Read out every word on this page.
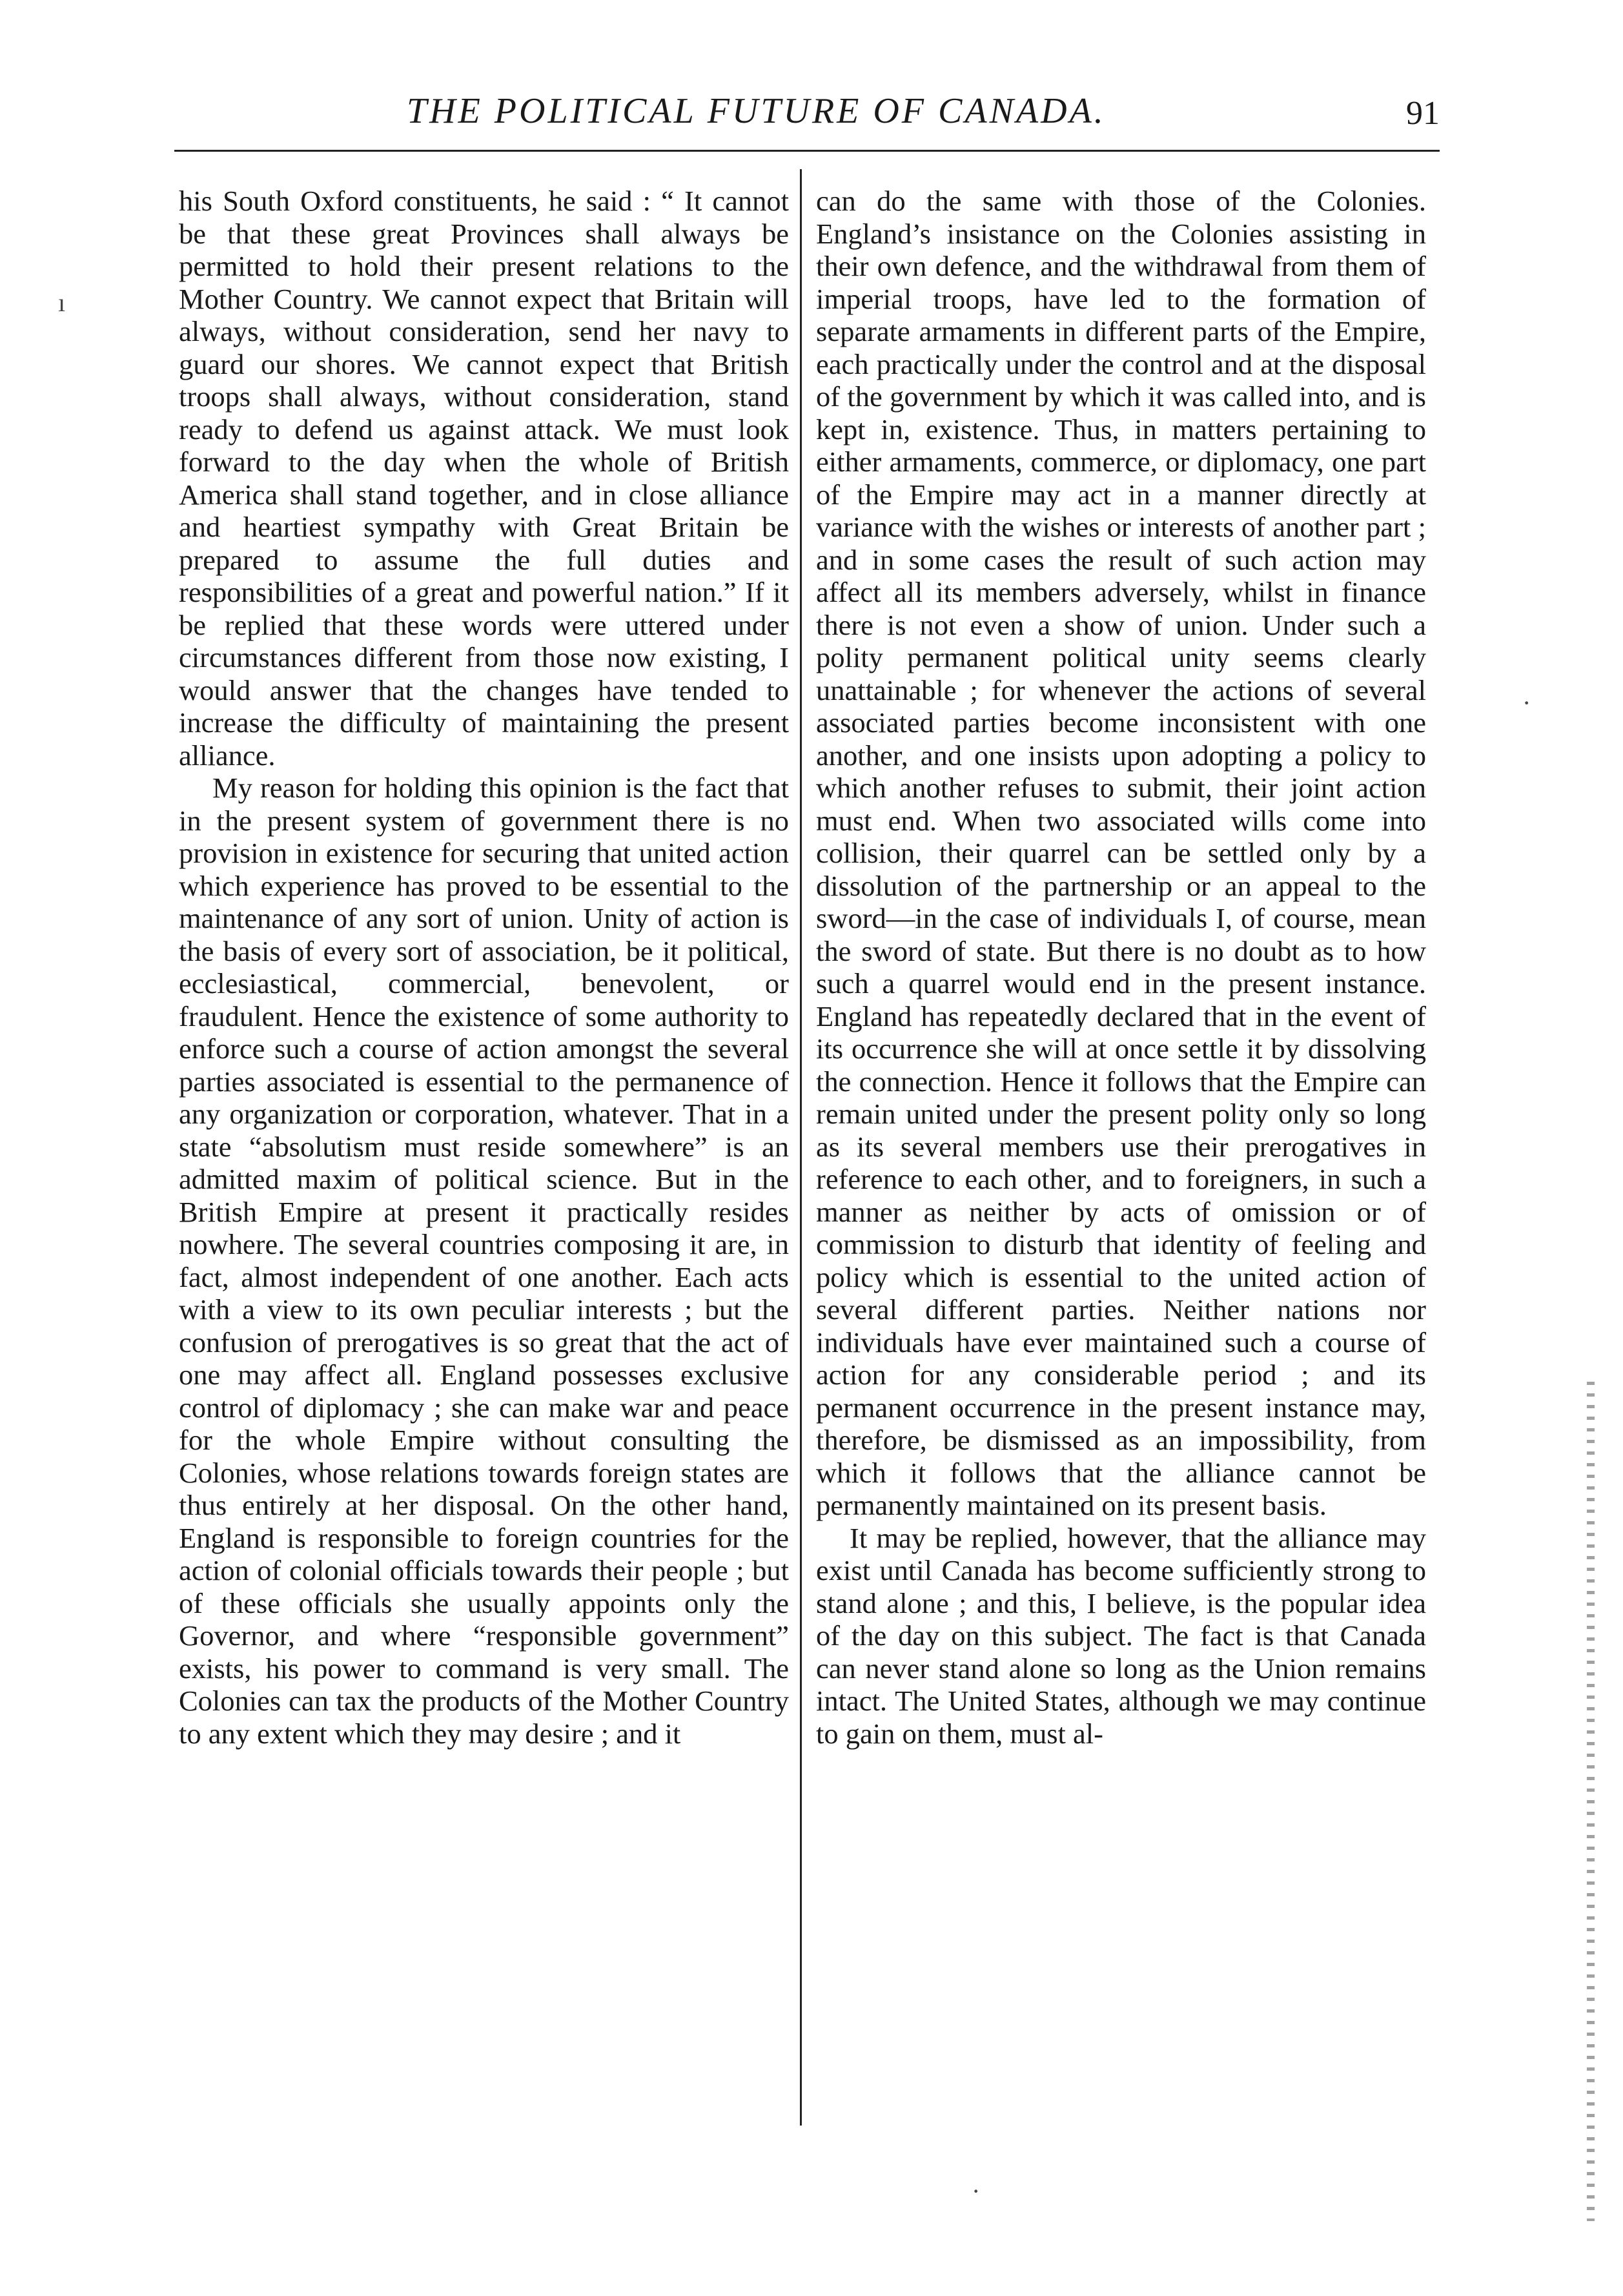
THE POLITICAL FUTURE OF CANADA.	91

his South Oxford constituents, he said : “ It cannot be that these great Provinces shall always be permitted to hold their present relations to the Mother Country. We cannot expect that Britain will always, without consideration, send her navy to guard our shores. We cannot expect that British troops shall always, without consideration, stand ready to defend us against attack. We must look forward to the day when the whole of British America shall stand together, and in close alliance and heartiest sympathy with Great Britain be prepared to assume the full duties and responsibilities of a great and powerful nation.” If it be replied that these words were uttered under circumstances different from those now existing, I would answer that the changes have tended to increase the difficulty of maintaining the present alliance.

My reason for holding this opinion is the fact that in the present system of government there is no provision in existence for securing that united action which experience has proved to be essential to the maintenance of any sort of union. Unity of action is the basis of every sort of association, be it political, ecclesiastical, commercial, benevolent, or fraudulent. Hence the existence of some authority to enforce such a course of action amongst the several parties associated is essential to the permanence of any organization or corporation, whatever. That in a state “absolutism must reside somewhere” is an admitted maxim of political science. But in the British Empire at present it practically resides nowhere. The several countries composing it are, in fact, almost independent of one another. Each acts with a view to its own peculiar interests ; but the confusion of prerogatives is so great that the act of one may affect all. England possesses exclusive control of diplomacy ; she can make war and peace for the whole Empire without consulting the Colonies, whose relations towards foreign states are thus entirely at her disposal. On the other hand, England is responsible to foreign countries for the action of colonial officials towards their people ; but of these officials she usually appoints only the Governor, and where “responsible government” exists, his power to command is very small. The Colonies can tax the products of the Mother Country to any extent which they may desire ; and it

can do the same with those of the Colonies. England’s insistance on the Colonies assisting in their own defence, and the withdrawal from them of imperial troops, have led to the formation of separate armaments in different parts of the Empire, each practically under the control and at the disposal of the government by which it was called into, and is kept in, existence. Thus, in matters pertaining to either armaments, commerce, or diplomacy, one part of the Empire may act in a manner directly at variance with the wishes or interests of another part ; and in some cases the result of such action may affect all its members adversely, whilst in finance there is not even a show of union. Under such a polity permanent political unity seems clearly unattainable ; for whenever the actions of several associated parties become inconsistent with one another, and one insists upon adopting a policy to which another refuses to submit, their joint action must end. When two associated wills come into collision, their quarrel can be settled only by a dissolution of the partnership or an appeal to the sword—in the case of individuals I, of course, mean the sword of state. But there is no doubt as to how such a quarrel would end in the present instance. England has repeatedly declared that in the event of its occurrence she will at once settle it by dissolving the connection. Hence it follows that the Empire can remain united under the present polity only so long as its several members use their prerogatives in reference to each other, and to foreigners, in such a manner as neither by acts of omission or of commission to disturb that identity of feeling and policy which is essential to the united action of several different parties. Neither nations nor individuals have ever maintained such a course of action for any considerable period ; and its permanent occurrence in the present instance may, therefore, be dismissed as an impossibility, from which it follows that the alliance cannot be permanently maintained on its present basis.

It may be replied, however, that the alliance may exist until Canada has become sufficiently strong to stand alone ; and this, I believe, is the popular idea of the day on this subject. The fact is that Canada can never stand alone so long as the Union remains intact. The United States, although we may continue to gain on them, must al-

ı
·
·
